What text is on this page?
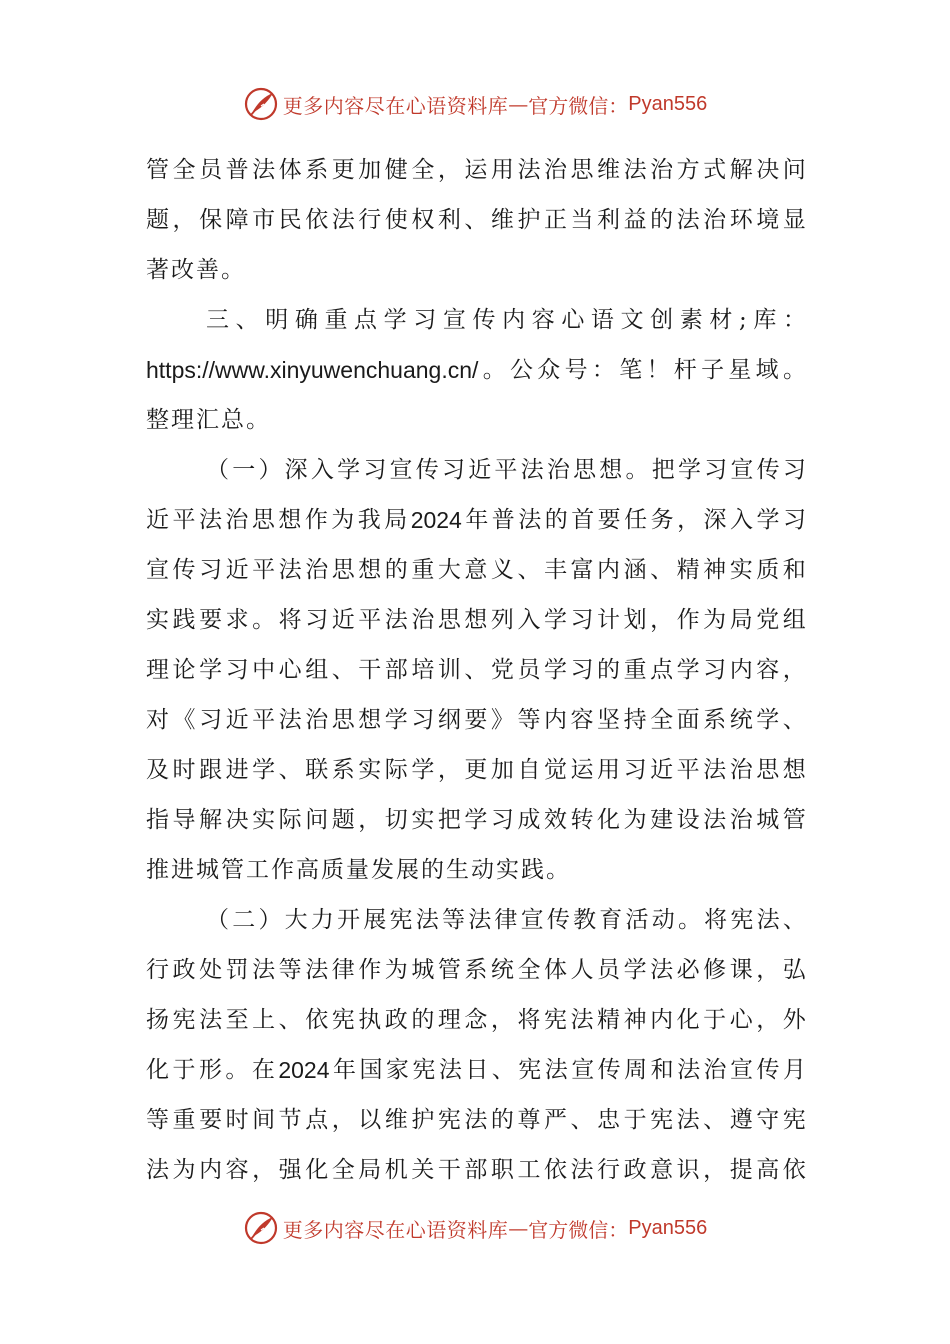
更多内容尽在心语资料库 — 官方微信： Pyan556
管 全 员 普 法 体 系 更 加 健 全 ， 运 用 法 治 思 维 法 治 方 式 解 决 问
题 ， 保 障 市 民 依 法 行 使 权 利 、 维 护 正 当 利 益 的 法 治 环 境 显
著改善。
三 、 明 确 重 点 学 习 宣 传 内 容 心 语 文 创 素 材 ; 库 ：
https://www.xinyuwenchuang.cn/ 。 公 众 号 ： 笔 ！ 杆 子 星 域 。
整理汇总。
（ 一 ） 深 入 学 习 宣 传 习 近 平 法 治 思 想 。 把 学 习 宣 传 习
近 平 法 治 思 想 作 为 我 局 2024 年 普 法 的 首 要 任 务 ， 深 入 学 习
宣 传 习 近 平 法 治 思 想 的 重 大 意 义 、 丰 富 内 涵 、 精 神 实 质 和
实 践 要 求 。 将 习 近 平 法 治 思 想 列 入 学 习 计 划 ， 作 为 局 党 组
理 论 学 习 中 心 组 、 干 部 培 训 、 党 员 学 习 的 重 点 学 习 内 容 ，
对 《 习 近 平 法 治 思 想 学 习 纲 要 》 等 内 容 坚 持 全 面 系 统 学 、
及 时 跟 进 学 、 联 系 实 际 学 ， 更 加 自 觉 运 用 习 近 平 法 治 思 想
指 导 解 决 实 际 问 题 ， 切 实 把 学 习 成 效 转 化 为 建 设 法 治 城 管
推进城管工作高质量发展的生动实践。
（ 二 ） 大 力 开 展 宪 法 等 法 律 宣 传 教 育 活 动 。 将 宪 法 、
行 政 处 罚 法 等 法 律 作 为 城 管 系 统 全 体 人 员 学 法 必 修 课 ， 弘
扬 宪 法 至 上 、 依 宪 执 政 的 理 念 ， 将 宪 法 精 神 内 化 于 心 ， 外
化 于 形 。 在 2024 年 国 家 宪 法 日 、 宪 法 宣 传 周 和 法 治 宣 传 月
等 重 要 时 间 节 点 ， 以 维 护 宪 法 的 尊 严 、 忠 于 宪 法 、 遵 守 宪
法 为 内 容 ， 强 化 全 局 机 关 干 部 职 工 依 法 行 政 意 识 ， 提 高 依
更多内容尽在心语资料库 — 官方微信： Pyan556
